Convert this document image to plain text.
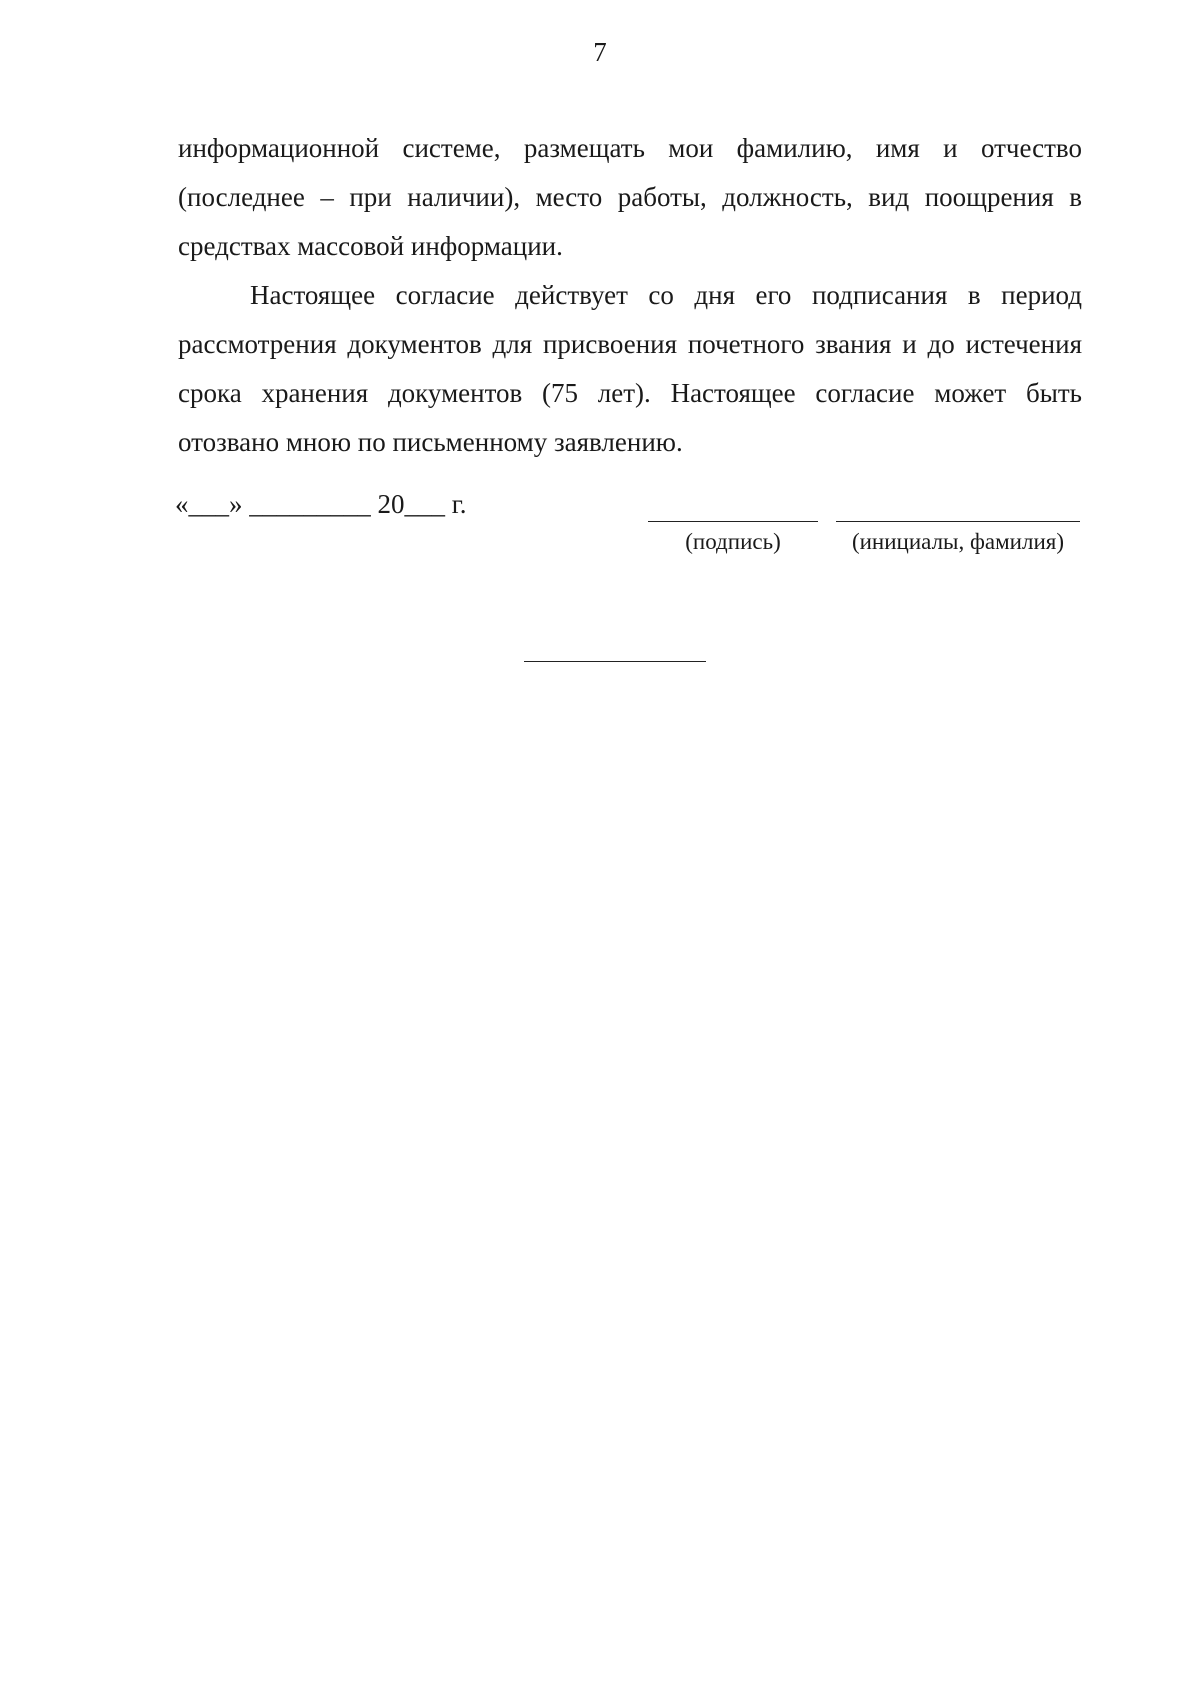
7

информационной системе, размещать мои фамилию, имя и отчество (последнее – при наличии), место работы, должность, вид поощрения в средствах массовой информации.

Настоящее согласие действует со дня его подписания в период рассмотрения документов для присвоения почетного звания и до истечения срока хранения документов (75 лет). Настоящее согласие может быть отозвано мною по письменному заявлению.

«___» _________ 20___ г.
(подпись)	(инициалы, фамилия)
